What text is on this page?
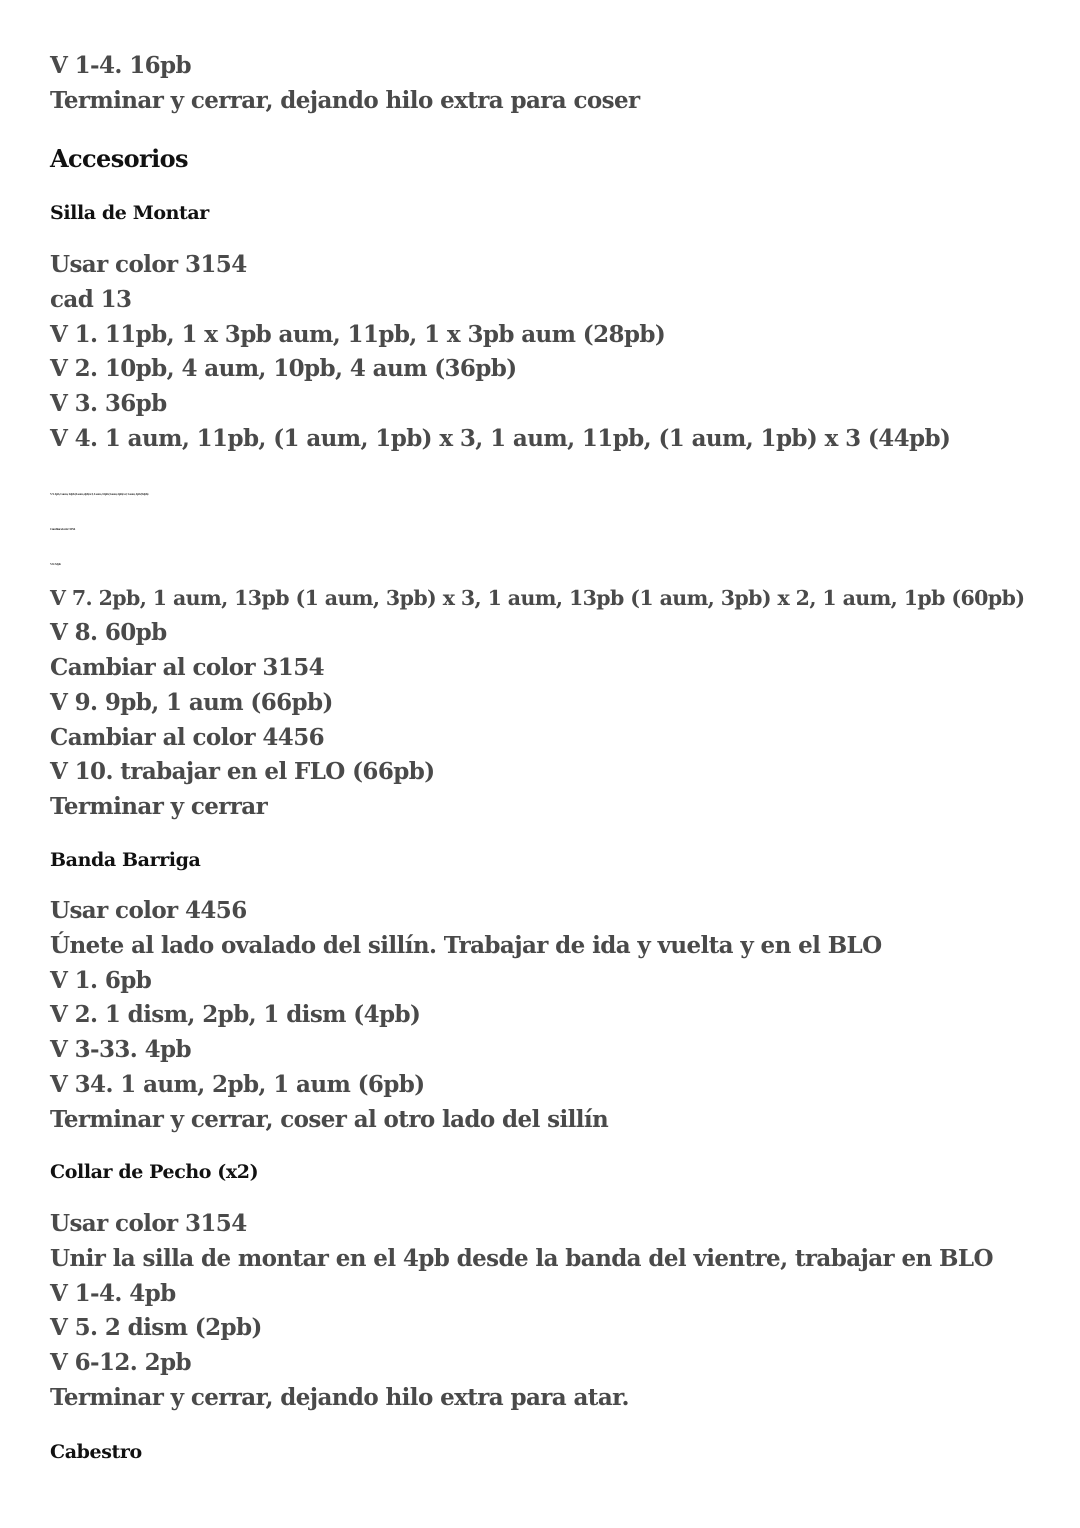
V 1-4. 16pb
Terminar y cerrar, dejando hilo extra para coser
Accesorios
Silla de Montar
Usar color 3154
cad 13
V 1. 11pb, 1 x 3pb aum, 11pb, 1 x 3pb aum (28pb)
V 2. 10pb, 4 aum, 10pb, 4 aum (36pb)
V 3. 36pb
V 4. 1 aum, 11pb, (1 aum, 1pb) x 3, 1 aum, 11pb, (1 aum, 1pb) x 3 (44pb)
V 5. 1pb, 1 aum, 12pb (1 aum, 2pb) x 3, 1 aum, 12pb (1 aum, 2pb) x 2, 1 aum, 1pb (52pb)
Cambiar al color 3154
V 6. 52pb
V 7. 2pb, 1 aum, 13pb (1 aum, 3pb) x 3, 1 aum, 13pb (1 aum, 3pb) x 2, 1 aum, 1pb (60pb)
V 8. 60pb
Cambiar al color 3154
V 9. 9pb, 1 aum (66pb)
Cambiar al color 4456
V 10. trabajar en el FLO (66pb)
Terminar y cerrar
Banda Barriga
Usar color 4456
Únete al lado ovalado del sillín. Trabajar de ida y vuelta y en el BLO
V 1. 6pb
V 2. 1 dism, 2pb, 1 dism (4pb)
V 3-33. 4pb
V 34. 1 aum, 2pb, 1 aum (6pb)
Terminar y cerrar, coser al otro lado del sillín
Collar de Pecho (x2)
Usar color 3154
Unir la silla de montar en el 4pb desde la banda del vientre, trabajar en BLO
V 1-4. 4pb
V 5. 2 dism (2pb)
V 6-12. 2pb
Terminar y cerrar, dejando hilo extra para atar.
Cabestro
